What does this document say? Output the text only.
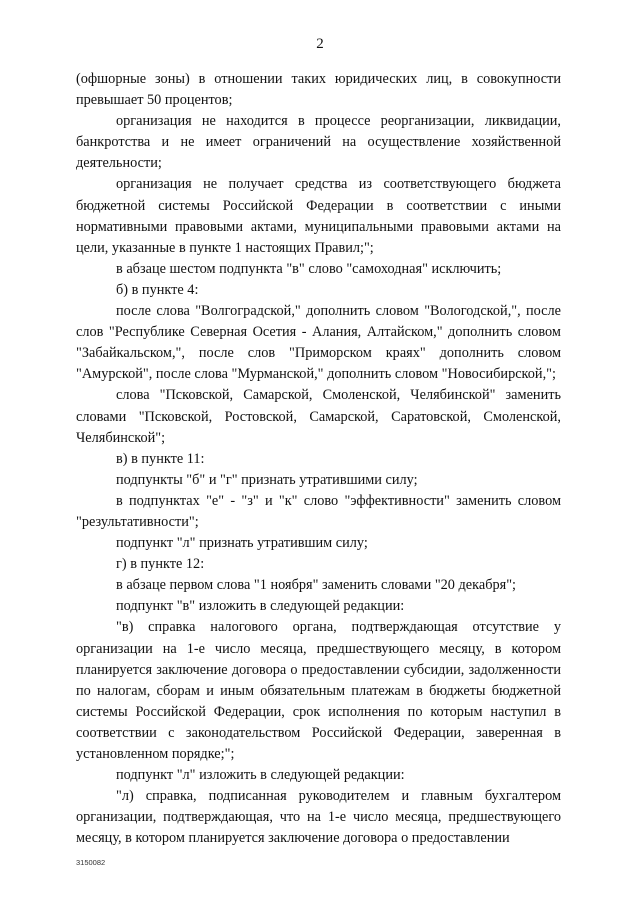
2

(офшорные зоны) в отношении таких юридических лиц, в совокупности превышает 50 процентов;

организация не находится в процессе реорганизации, ликвидации, банкротства и не имеет ограничений на осуществление хозяйственной деятельности;

организация не получает средства из соответствующего бюджета бюджетной системы Российской Федерации в соответствии с иными нормативными правовыми актами, муниципальными правовыми актами на цели, указанные в пункте 1 настоящих Правил;";

в абзаце шестом подпункта "в" слово "самоходная" исключить;

б) в пункте 4:

после слова "Волгоградской," дополнить словом "Вологодской,", после слов "Республике Северная Осетия - Алания, Алтайском," дополнить словом "Забайкальском,", после слов "Приморском краях" дополнить словом "Амурской", после слова "Мурманской," дополнить словом "Новосибирской,";

слова "Псковской, Самарской, Смоленской, Челябинской" заменить словами "Псковской, Ростовской, Самарской, Саратовской, Смоленской, Челябинской";

в) в пункте 11:

подпункты "б" и "г" признать утратившими силу;

в подпунктах "е" - "з" и "к" слово "эффективности" заменить словом "результативности";

подпункт "л" признать утратившим силу;

г) в пункте 12:

в абзаце первом слова "1 ноября" заменить словами "20 декабря";

подпункт "в" изложить в следующей редакции:

"в) справка налогового органа, подтверждающая отсутствие у организации на 1-е число месяца, предшествующего месяцу, в котором планируется заключение договора о предоставлении субсидии, задолженности по налогам, сборам и иным обязательным платежам в бюджеты бюджетной системы Российской Федерации, срок исполнения по которым наступил в соответствии с законодательством Российской Федерации, заверенная в установленном порядке;";

подпункт "л" изложить в следующей редакции:

"л) справка, подписанная руководителем и главным бухгалтером организации, подтверждающая, что на 1-е число месяца, предшествующего месяцу, в котором планируется заключение договора о предоставлении

3150082
